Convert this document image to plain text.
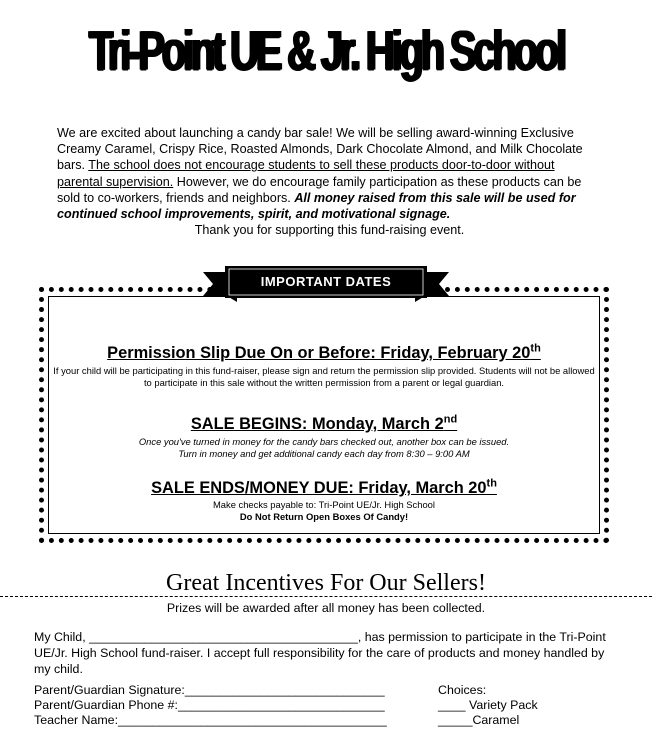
Tri-Point UE & Jr. High School
We are excited about launching a candy bar sale! We will be selling award-winning Exclusive Creamy Caramel, Crispy Rice, Roasted Almonds, Dark Chocolate Almond, and Milk Chocolate bars. The school does not encourage students to sell these products door-to-door without parental supervision. However, we do encourage family participation as these products can be sold to co-workers, friends and neighbors. All money raised from this sale will be used for continued school improvements, spirit, and motivational signage.
Thank you for supporting this fund-raising event.
IMPORTANT DATES
Permission Slip Due On or Before: Friday, February 20th
If your child will be participating in this fund-raiser, please sign and return the permission slip provided. Students will not be allowed to participate in this sale without the written permission from a parent or legal guardian.
SALE BEGINS: Monday, March 2nd
Once you've turned in money for the candy bars checked out, another box can be issued.
Turn in money and get additional candy each day from 8:30 – 9:00 AM
SALE ENDS/MONEY DUE: Friday, March 20th
Make checks payable to: Tri-Point UE/Jr. High School
Do Not Return Open Boxes Of Candy!
Great Incentives For Our Sellers!
Prizes will be awarded after all money has been collected.
My Child, _______________________________________, has permission to participate in the Tri-Point UE/Jr. High School fund-raiser. I accept full responsibility for the care of products and money handled by my child.
Parent/Guardian Signature:_____________________________
Parent/Guardian Phone #:______________________________
Teacher Name:_______________________________________
Choices:
____ Variety Pack
_____Caramel
